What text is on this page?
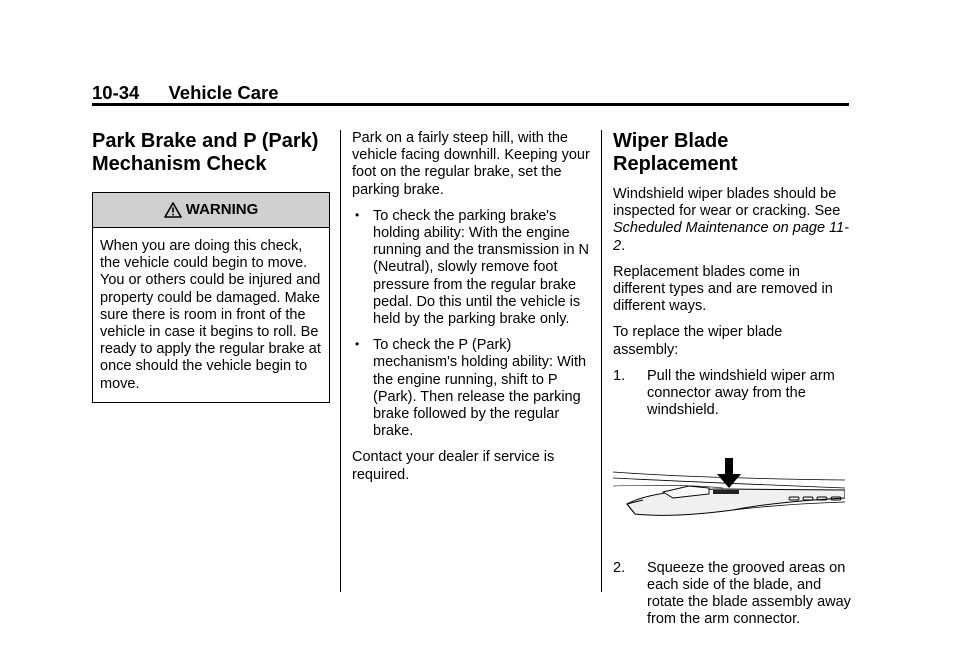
10-34 Vehicle Care
Park Brake and P (Park)
Mechanism Check
WARNING
When you are doing this check, the vehicle could begin to move. You or others could be injured and property could be damaged. Make sure there is room in front of the vehicle in case it begins to roll. Be ready to apply the regular brake at once should the vehicle begin to move.

Park on a fairly steep hill, with the vehicle facing downhill. Keeping your foot on the regular brake, set the parking brake.

• To check the parking brake's holding ability: With the engine running and the transmission in N (Neutral), slowly remove foot pressure from the regular brake pedal. Do this until the vehicle is held by the parking brake only.
• To check the P (Park) mechanism's holding ability: With the engine running, shift to P (Park). Then release the parking brake followed by the regular brake.

Contact your dealer if service is required.

Wiper Blade Replacement

Windshield wiper blades should be inspected for wear or cracking. See Scheduled Maintenance on page 11-2.

Replacement blades come in different types and are removed in different ways.

To replace the wiper blade assembly:

1. Pull the windshield wiper arm connector away from the windshield.
2. Squeeze the grooved areas on each side of the blade, and rotate the blade assembly away from the arm connector.
